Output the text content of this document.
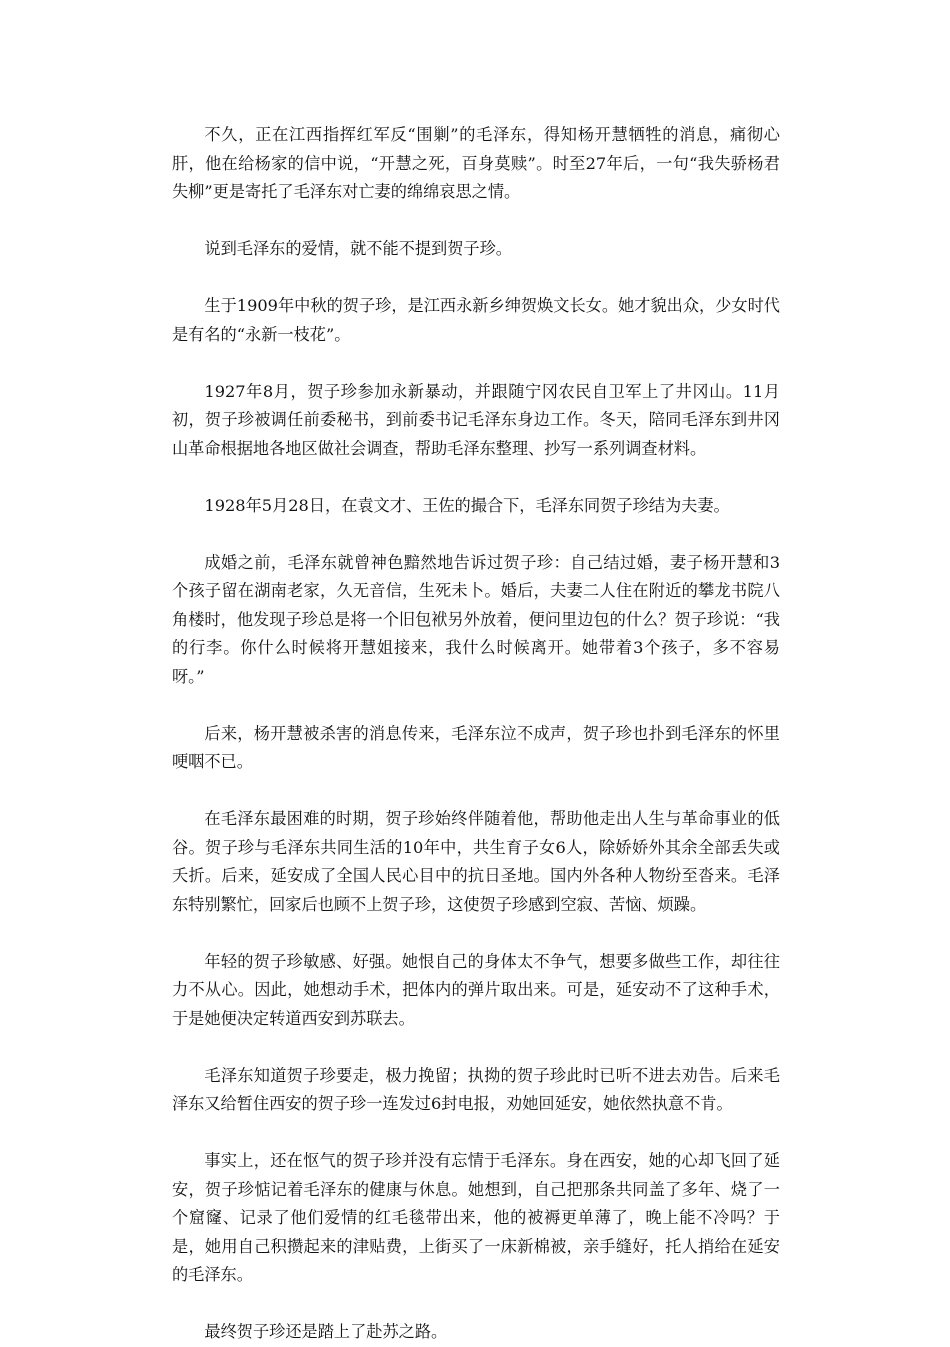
不久，正在江西指挥红军反“围剿”的毛泽东，得知杨开慧牺牲的消息，痛彻心肝，他在给杨家的信中说，“开慧之死，百身莫赎”。时至27年后，一句“我失骄杨君失柳”更是寄托了毛泽东对亡妻的绵绵哀思之情。

说到毛泽东的爱情，就不能不提到贺子珍。

生于1909年中秋的贺子珍，是江西永新乡绅贺焕文长女。她才貌出众，少女时代是有名的“永新一枝花”。

1927年8月，贺子珍参加永新暴动，并跟随宁冈农民自卫军上了井冈山。11月初，贺子珍被调任前委秘书，到前委书记毛泽东身边工作。冬天，陪同毛泽东到井冈山革命根据地各地区做社会调查，帮助毛泽东整理、抄写一系列调查材料。

1928年5月28日，在袁文才、王佐的撮合下，毛泽东同贺子珍结为夫妻。

成婚之前，毛泽东就曾神色黯然地告诉过贺子珍：自己结过婚，妻子杨开慧和3个孩子留在湖南老家，久无音信，生死未卜。婚后，夫妻二人住在附近的攀龙书院八角楼时，他发现子珍总是将一个旧包袱另外放着，便问里边包的什么？贺子珍说：“我的行李。你什么时候将开慧姐接来，我什么时候离开。她带着3个孩子，多不容易呀。”

后来，杨开慧被杀害的消息传来，毛泽东泣不成声，贺子珍也扑到毛泽东的怀里哽咽不已。

在毛泽东最困难的时期，贺子珍始终伴随着他，帮助他走出人生与革命事业的低谷。贺子珍与毛泽东共同生活的10年中，共生育子女6人，除娇娇外其余全部丢失或夭折。后来，延安成了全国人民心目中的抗日圣地。国内外各种人物纷至沓来。毛泽东特别繁忙，回家后也顾不上贺子珍，这使贺子珍感到空寂、苦恼、烦躁。

年轻的贺子珍敏感、好强。她恨自己的身体太不争气，想要多做些工作，却往往力不从心。因此，她想动手术，把体内的弹片取出来。可是，延安动不了这种手术，于是她便决定转道西安到苏联去。

毛泽东知道贺子珍要走，极力挽留；执拗的贺子珍此时已听不进去劝告。后来毛泽东又给暂住西安的贺子珍一连发过6封电报，劝她回延安，她依然执意不肯。

事实上，还在怄气的贺子珍并没有忘情于毛泽东。身在西安，她的心却飞回了延安，贺子珍惦记着毛泽东的健康与休息。她想到，自己把那条共同盖了多年、烧了一个窟窿、记录了他们爱情的红毛毯带出来，他的被褥更单薄了，晚上能不冷吗？于是，她用自己积攒起来的津贴费，上街买了一床新棉被，亲手缝好，托人捎给在延安的毛泽东。

最终贺子珍还是踏上了赴苏之路。
